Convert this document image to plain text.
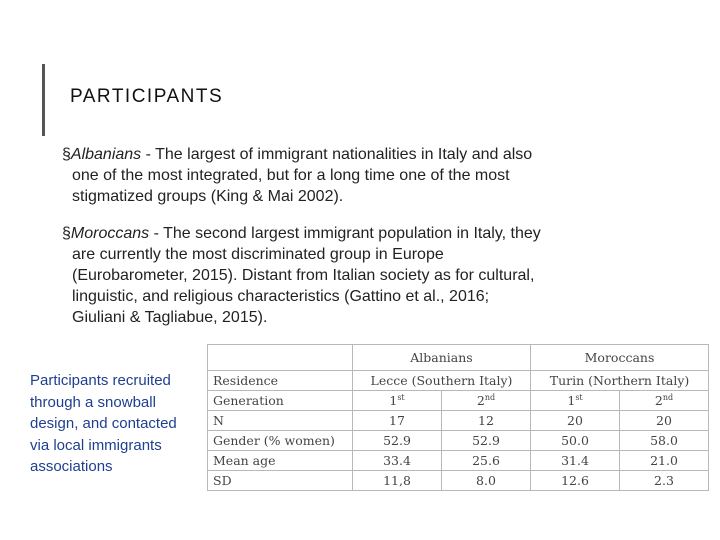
PARTICIPANTS
§Albanians - The largest of immigrant nationalities in Italy and also
one of the most integrated, but for a long time one of the most
stigmatized groups (King & Mai 2002).
§Moroccans - The second largest immigrant population in Italy, they
are currently the most discriminated group in Europe
(Eurobarometer, 2015). Distant from Italian society as for cultural,
linguistic, and religious characteristics (Gattino et al., 2016;
Giuliani & Tagliabue, 2015).
Participants recruited through a snowball design, and contacted via local immigrants associations
	Albanians		Moroccans	
Residence	Lecce (Southern Italy)		Turin (Northern Italy)	
Generation	1st	2nd	1st	2nd
N	17	12	20	20
Gender (% women)	52.9	52.9	50.0	58.0
Mean age	33.4	25.6	31.4	21.0
SD	11,8	8.0	12.6	2.3
